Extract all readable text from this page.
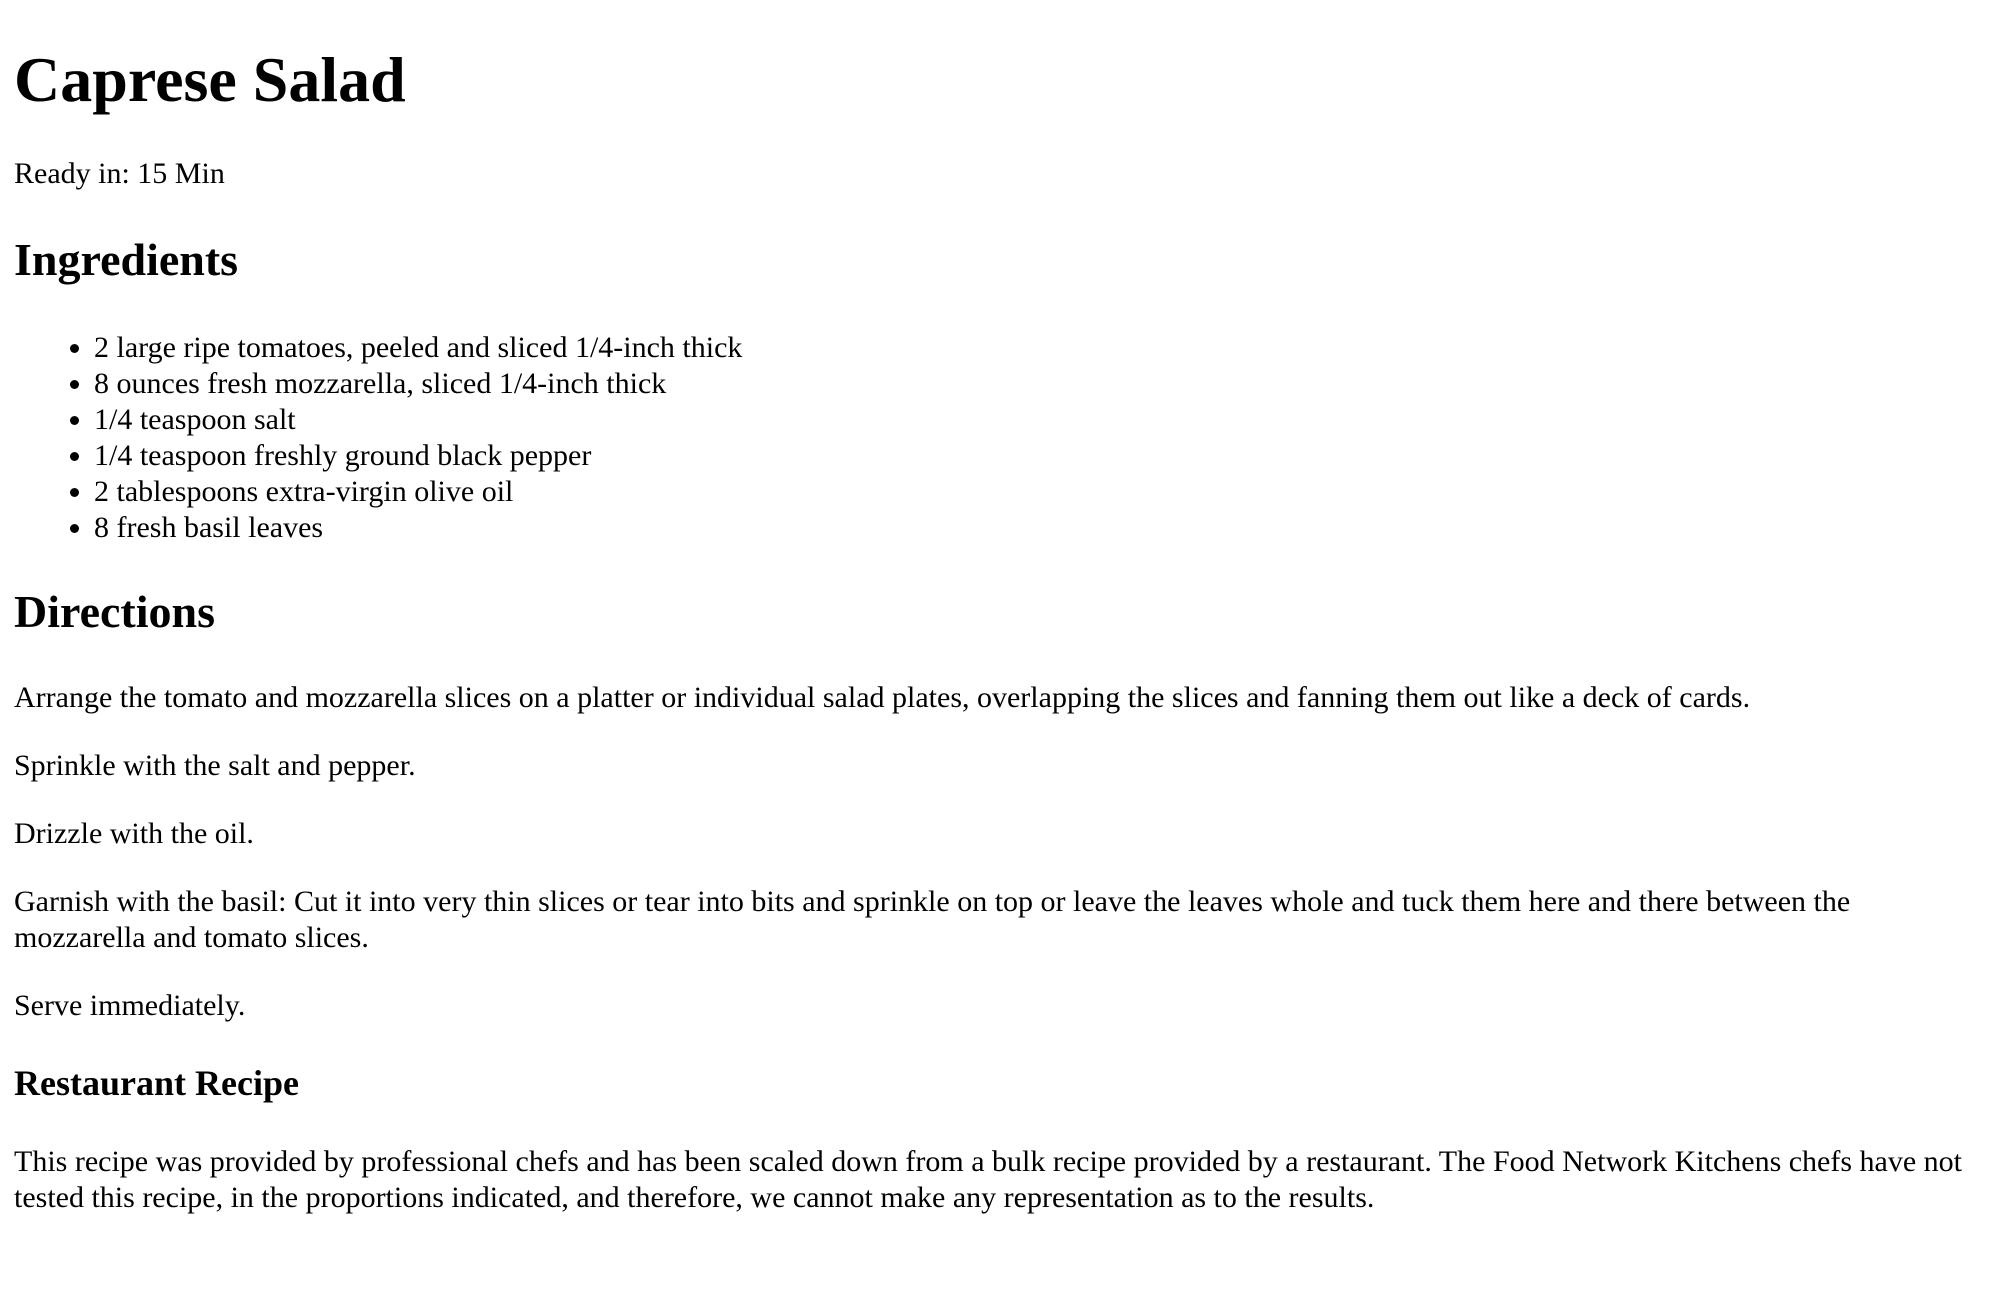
Caprese Salad

Ready in: 15 Min

Ingredients
• 2 large ripe tomatoes, peeled and sliced 1/4-inch thick
• 8 ounces fresh mozzarella, sliced 1/4-inch thick
• 1/4 teaspoon salt
• 1/4 teaspoon freshly ground black pepper
• 2 tablespoons extra-virgin olive oil
• 8 fresh basil leaves
Directions

Arrange the tomato and mozzarella slices on a platter or individual salad plates, overlapping the slices and fanning them out like a deck of cards.

Sprinkle with the salt and pepper.

Drizzle with the oil.

Garnish with the basil: Cut it into very thin slices or tear into bits and sprinkle on top or leave the leaves whole and tuck them here and there between the mozzarella and tomato slices.

Serve immediately.

Restaurant Recipe

This recipe was provided by professional chefs and has been scaled down from a bulk recipe provided by a restaurant. The Food Network Kitchens chefs have not tested this recipe, in the proportions indicated, and therefore, we cannot make any representation as to the results.
